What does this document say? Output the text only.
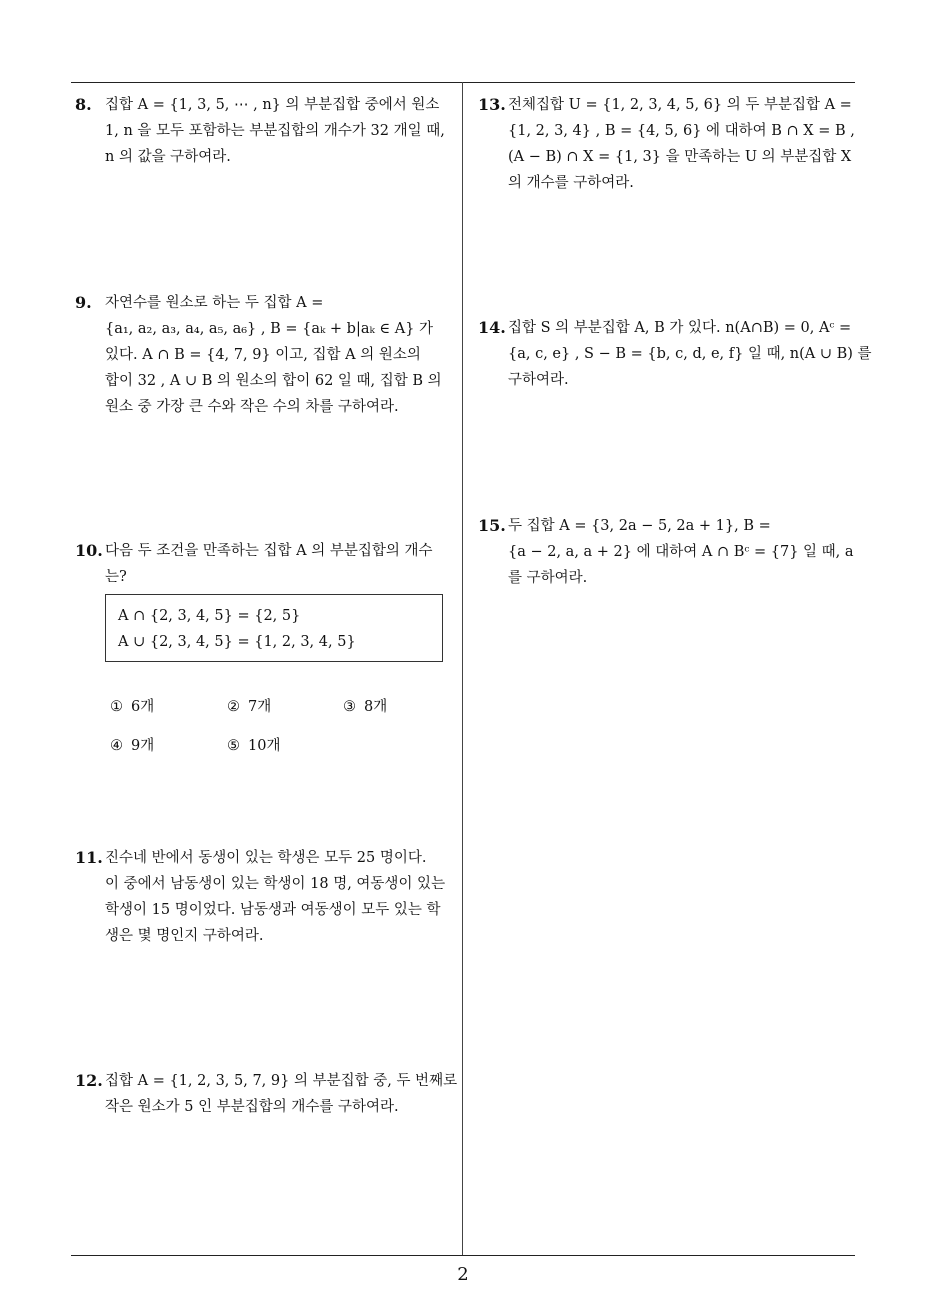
8. 집합 A = {1, 3, 5, ⋯ , n} 의 부분집합 중에서 원소
1, n 을 모두 포함하는 부분집합의 개수가 32 개일 때,
n 의 값을 구하여라.
9. 자연수를 원소로 하는 두 집합 A =
{a₁, a₂, a₃, a₄, a₅, a₆} , B = {aₖ + b|aₖ ∈ A} 가
있다. A ∩ B = {4, 7, 9} 이고, 집합 A 의 원소의
합이 32 , A ∪ B 의 원소의 합이 62 일 때, 집합 B 의
원소 중 가장 큰 수와 작은 수의 차를 구하여라.
10. 다음 두 조건을 만족하는 집합 A 의 부분집합의 개수
는?
A ∩ {2, 3, 4, 5} = {2, 5}
A ∪ {2, 3, 4, 5} = {1, 2, 3, 4, 5}
① 6개	② 7개	③ 8개
④ 9개	⑤ 10개
11. 진수네 반에서 동생이 있는 학생은 모두 25 명이다.
이 중에서 남동생이 있는 학생이 18 명, 여동생이 있는
학생이 15 명이었다. 남동생과 여동생이 모두 있는 학
생은 몇 명인지 구하여라.
12. 집합 A = {1, 2, 3, 5, 7, 9} 의 부분집합 중, 두 번째로
작은 원소가 5 인 부분집합의 개수를 구하여라.
13. 전체집합 U = {1, 2, 3, 4, 5, 6} 의 두 부분집합 A =
{1, 2, 3, 4} , B = {4, 5, 6} 에 대하여 B ∩ X = B ,
(A − B) ∩ X = {1, 3} 을 만족하는 U 의 부분집합 X
의 개수를 구하여라.
14. 집합 S 의 부분집합 A, B 가 있다. n(A∩B) = 0, Aᶜ =
{a, c, e} , S − B = {b, c, d, e, f} 일 때, n(A ∪ B) 를
구하여라.
15. 두 집합 A = {3, 2a − 5, 2a + 1}, B =
{a − 2, a, a + 2} 에 대하여 A ∩ Bᶜ = {7} 일 때, a
를 구하여라.
2
